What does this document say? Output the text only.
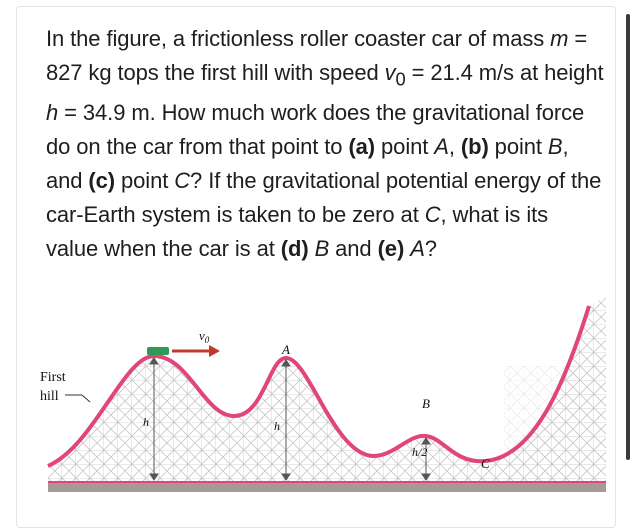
In the figure, a frictionless roller coaster car of mass m = 827 kg tops the first hill with speed $v_0 = 21.4$ m/s at height h = 34.9 m. How much work does the gravitational force do on the car from that point to (a) point A, (b) point B, and (c) point C? If the gravitational potential energy of the car-Earth system is taken to be zero at C, what is its value when the car is at (d) B and (e) A?
$v_0$
h	h
h/2
A
B
C
First
hill
